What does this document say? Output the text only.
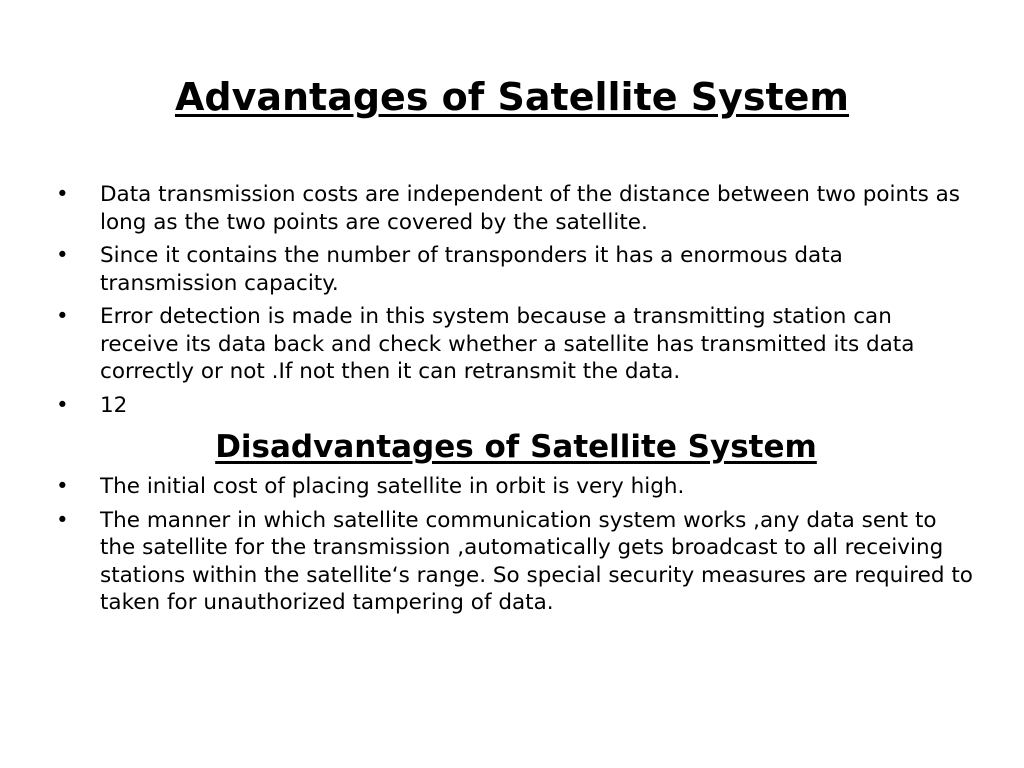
Advantages of Satellite System
•	Data transmission costs are independent of the distance between two points as long as the two points are covered by the satellite.
•	Since it contains the number of transponders it has a enormous data transmission capacity.
•	Error detection is made in this system because a transmitting station can receive its data back and check whether a satellite has transmitted its data correctly or not .If not then it can retransmit the data.
•	12
Disadvantages of Satellite System
•	The initial cost of placing satellite in orbit is very high.
•	The manner in which satellite communication system works ,any data sent to the satellite for the transmission ,automatically gets broadcast to all receiving stations within the satellite‘s range. So special security measures are required to taken for unauthorized tampering of data.
